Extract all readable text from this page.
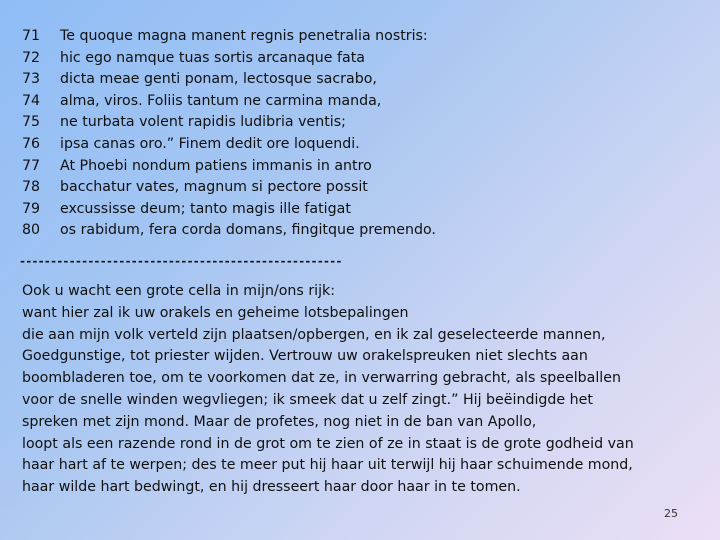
71	Te quoque magna manent regnis penetralia nostris:
72	hic ego namque tuas sortis arcanaque fata
73	dicta meae genti ponam, lectosque sacrabo,
74	alma, viros. Foliis tantum ne carmina manda,
75	ne turbata volent rapidis ludibria ventis;
76	ipsa canas oro.” Finem dedit ore loquendi.
77	At Phoebi nondum patiens immanis in antro
78	bacchatur vates, magnum si pectore possit
79	excussisse deum; tanto magis ille fatigat
80	os rabidum, fera corda domans, fingitque premendo.
----------------------------------------------------
Ook u wacht een grote cella in mijn/ons rijk:
want hier zal ik uw orakels en geheime lotsbepalingen
die aan mijn volk verteld zijn plaatsen/opbergen, en ik zal geselecteerde mannen,
Goedgunstige, tot priester wijden. Vertrouw uw orakelspreuken niet slechts aan
boombladeren toe, om te voorkomen dat ze, in verwarring gebracht, als speelballen
voor de snelle winden wegvliegen; ik smeek dat u zelf zingt.” Hij beëindigde het
spreken met zijn mond. Maar de profetes, nog niet in de ban van Apollo,
loopt als een razende rond in de grot om te zien of ze in staat is de grote godheid van
haar hart af te werpen; des te meer put hij haar uit terwijl hij haar schuimende mond,
haar wilde hart bedwingt, en hij dresseert haar door haar in te tomen.
25
